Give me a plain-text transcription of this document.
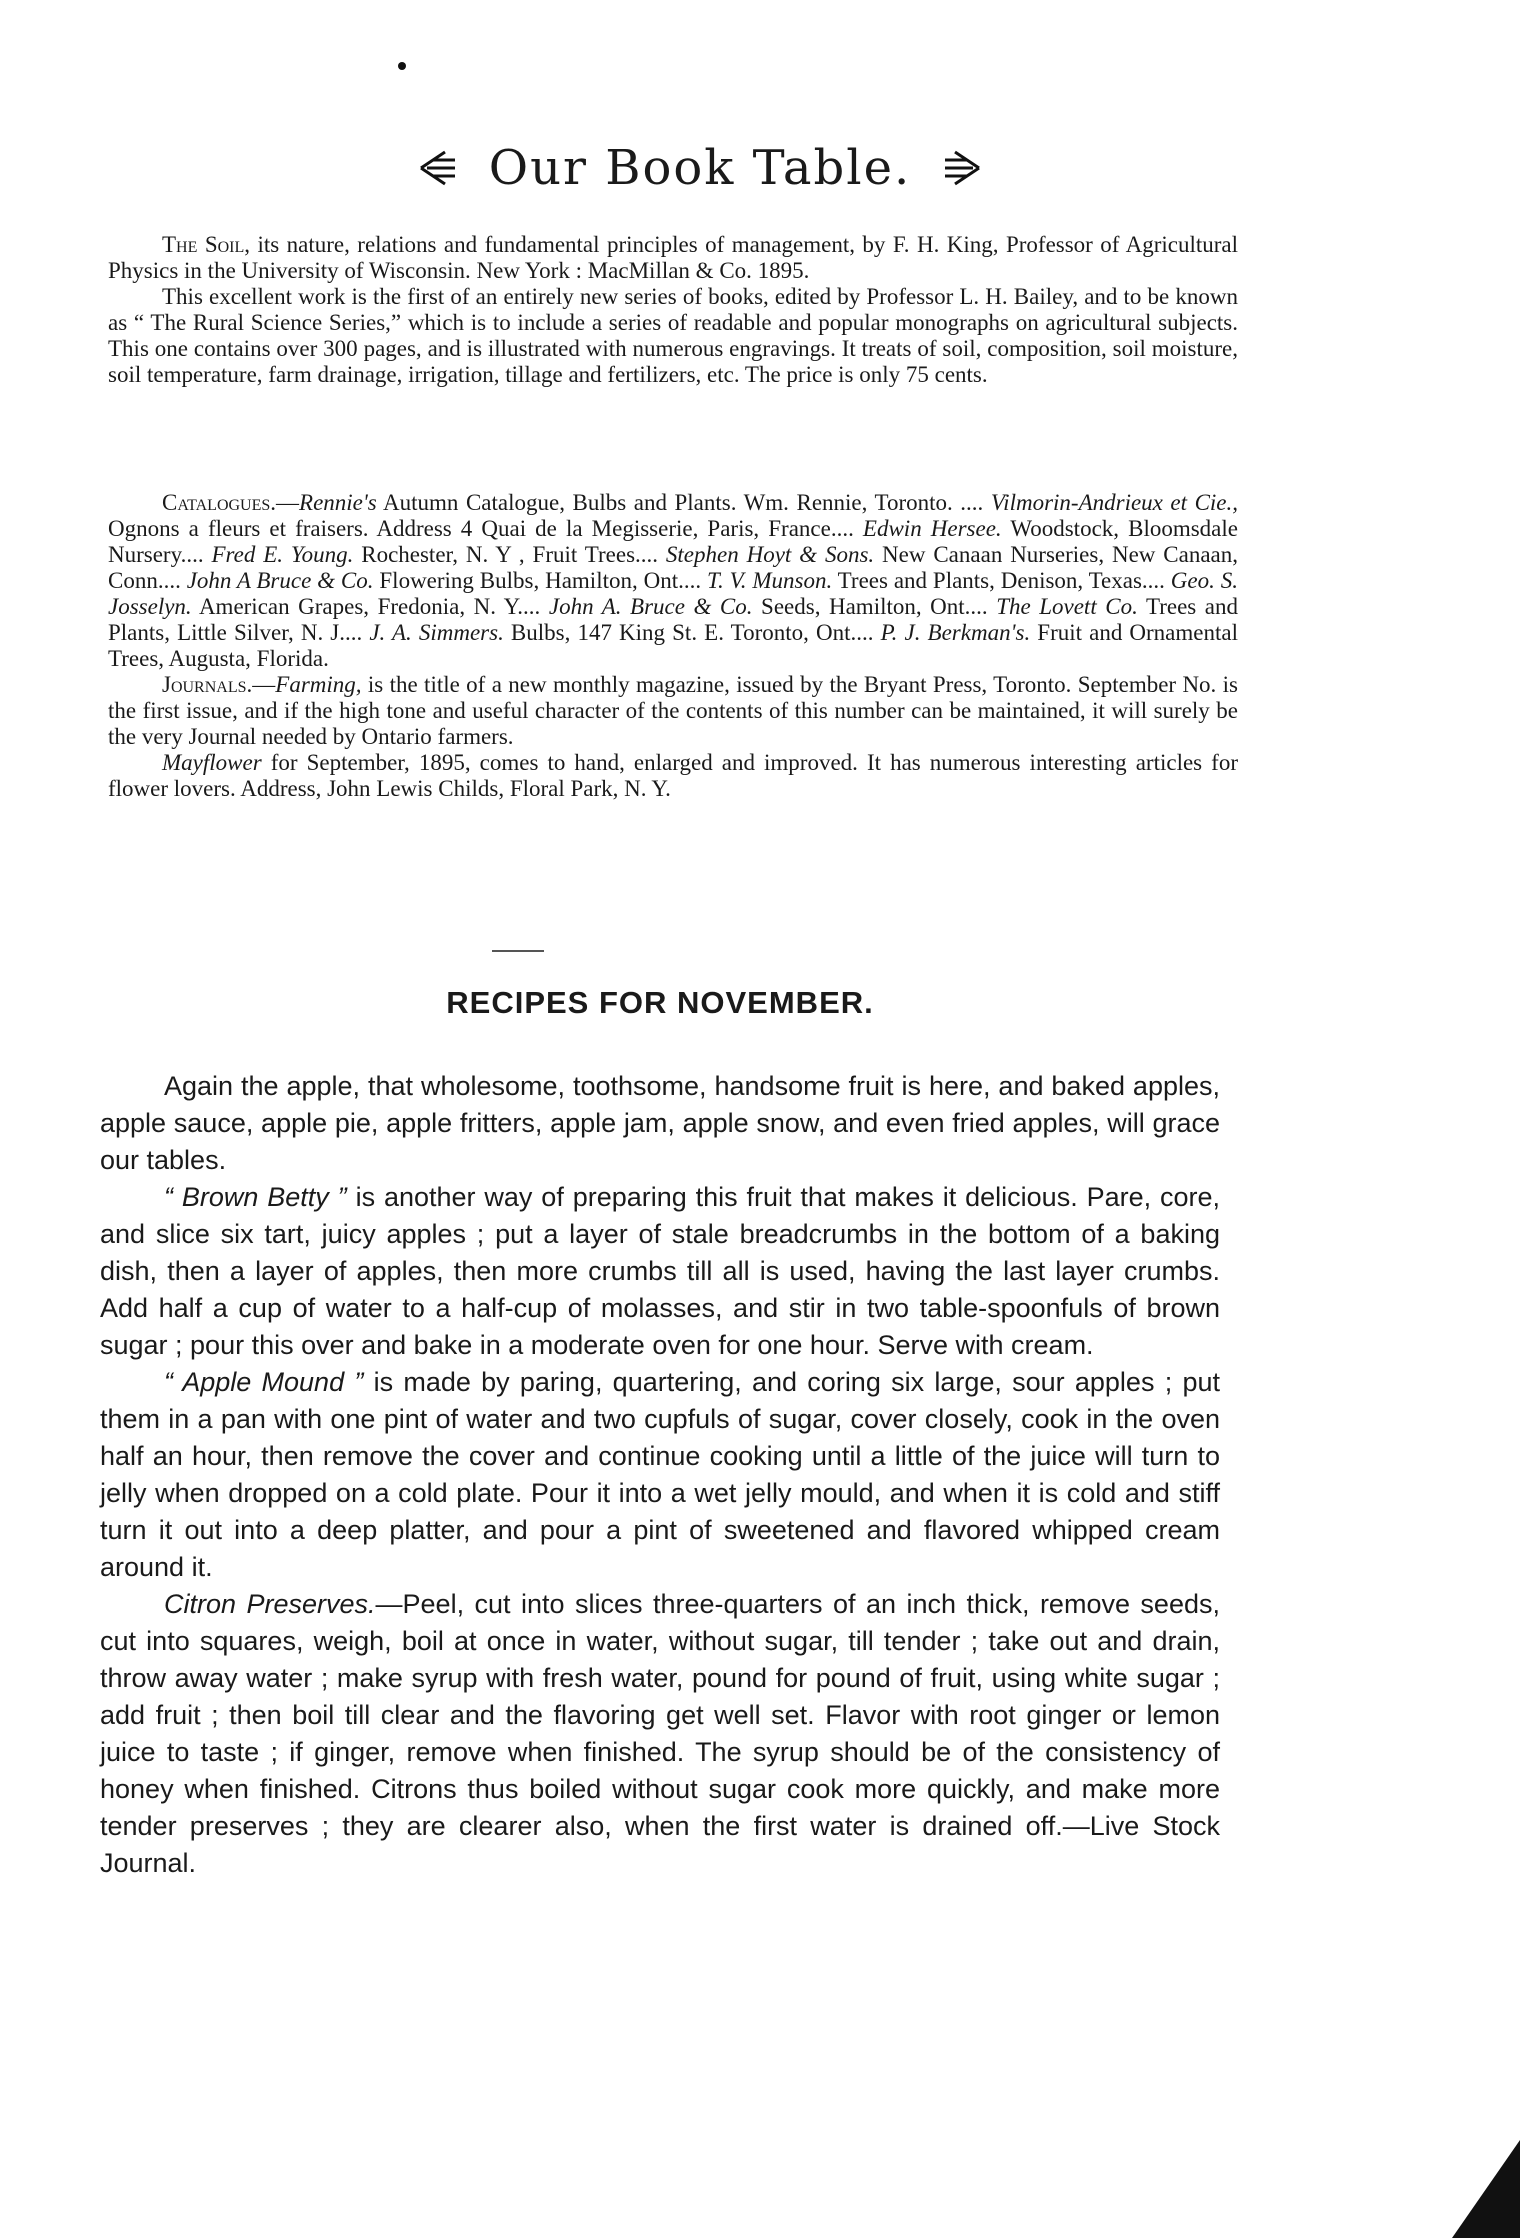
Our Book Table.

The Soil, its nature, relations and fundamental principles of management, by F. H. King, Professor of Agricultural Physics in the University of Wisconsin. New York : MacMillan & Co. 1895.

This excellent work is the first of an entirely new series of books, edited by Professor L. H. Bailey, and to be known as “ The Rural Science Series,” which is to include a series of readable and popular monographs on agricultural subjects. This one contains over 300 pages, and is illustrated with numerous engravings. It treats of soil, composition, soil moisture, soil temperature, farm drainage, irrigation, tillage and fertilizers, etc. The price is only 75 cents.

Catalogues.—Rennie's Autumn Catalogue, Bulbs and Plants. Wm. Rennie, Toronto. .... Vilmorin-Andrieux et Cie., Ognons a fleurs et fraisers. Address 4 Quai de la Megisserie, Paris, France.... Edwin Hersee. Woodstock, Bloomsdale Nursery.... Fred E. Young. Rochester, N. Y , Fruit Trees.... Stephen Hoyt & Sons. New Canaan Nurseries, New Canaan, Conn.... John A Bruce & Co. Flowering Bulbs, Hamilton, Ont.... T. V. Munson. Trees and Plants, Denison, Texas.... Geo. S. Josselyn. American Grapes, Fredonia, N. Y.... John A. Bruce & Co. Seeds, Hamilton, Ont.... The Lovett Co. Trees and Plants, Little Silver, N. J.... J. A. Simmers. Bulbs, 147 King St. E. Toronto, Ont.... P. J. Berkman's. Fruit and Ornamental Trees, Augusta, Florida.

Journals.—Farming, is the title of a new monthly magazine, issued by the Bryant Press, Toronto. September No. is the first issue, and if the high tone and useful character of the contents of this number can be maintained, it will surely be the very Journal needed by Ontario farmers.

Mayflower for September, 1895, comes to hand, enlarged and improved. It has numerous interesting articles for flower lovers. Address, John Lewis Childs, Floral Park, N. Y.

RECIPES FOR NOVEMBER.

Again the apple, that wholesome, toothsome, handsome fruit is here, and baked apples, apple sauce, apple pie, apple fritters, apple jam, apple snow, and even fried apples, will grace our tables.

“ Brown Betty ” is another way of preparing this fruit that makes it delicious. Pare, core, and slice six tart, juicy apples ; put a layer of stale breadcrumbs in the bottom of a baking dish, then a layer of apples, then more crumbs till all is used, having the last layer crumbs. Add half a cup of water to a half-cup of molasses, and stir in two table-spoonfuls of brown sugar ; pour this over and bake in a moderate oven for one hour. Serve with cream.

“ Apple Mound ” is made by paring, quartering, and coring six large, sour apples ; put them in a pan with one pint of water and two cupfuls of sugar, cover closely, cook in the oven half an hour, then remove the cover and continue cooking until a little of the juice will turn to jelly when dropped on a cold plate. Pour it into a wet jelly mould, and when it is cold and stiff turn it out into a deep platter, and pour a pint of sweetened and flavored whipped cream around it.

Citron Preserves.—Peel, cut into slices three-quarters of an inch thick, remove seeds, cut into squares, weigh, boil at once in water, without sugar, till tender ; take out and drain, throw away water ; make syrup with fresh water, pound for pound of fruit, using white sugar ; add fruit ; then boil till clear and the flavoring get well set. Flavor with root ginger or lemon juice to taste ; if ginger, remove when finished. The syrup should be of the consistency of honey when finished. Citrons thus boiled without sugar cook more quickly, and make more tender preserves ; they are clearer also, when the first water is drained off.—Live Stock Journal.
